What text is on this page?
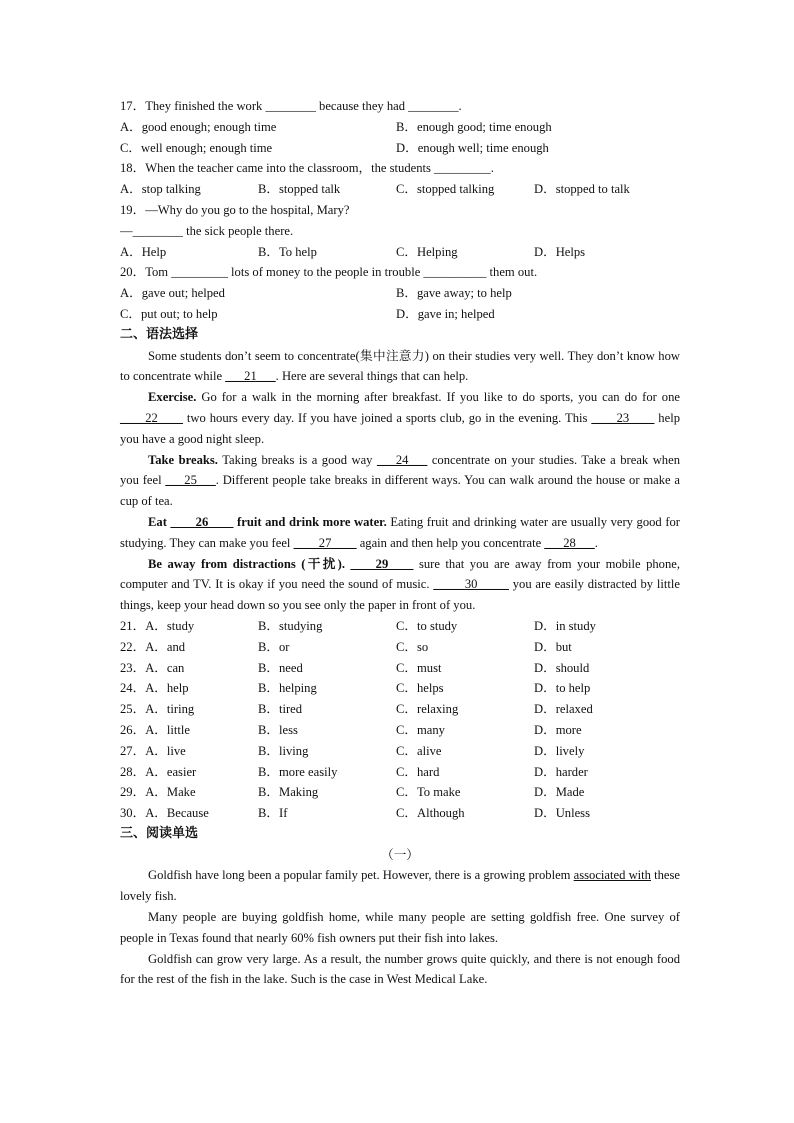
17．They finished the work ________ because they had ________.
A．good enough; enough time	B．enough good; time enough
C．well enough; enough time	D．enough well; time enough
18．When the teacher came into the classroom，the students _________.
A．stop talking	B．stopped talk	C．stopped talking	D．stopped to talk
19．—Why do you go to the hospital, Mary?
—________ the sick people there.
A．Help	B．To help	C．Helping	D．Helps
20．Tom _________ lots of money to the people in trouble __________ them out.
A．gave out; helped	B．gave away; to help
C．put out; to help	D．gave in; helped
二、语法选择
Some students don’t seem to concentrate(集中注意力) on their studies very well. They don’t know how to concentrate while ___21___. Here are several things that can help.
Exercise. Go for a walk in the morning after breakfast. If you like to do sports, you can do for one ____22____ two hours every day. If you have joined a sports club, go in the evening. This ____23____ help you have a good night sleep.
Take breaks. Taking breaks is a good way ___24___ concentrate on your studies. Take a break when you feel ___25___. Different people take breaks in different ways. You can walk around the house or make a cup of tea.
Eat ____26____ fruit and drink more water. Eating fruit and drinking water are usually very good for studying. They can make you feel ____27____ again and then help you concentrate ___28___.
Be away from distractions (干扰). ____29____ sure that you are away from your mobile phone, computer and TV. It is okay if you need the sound of music. _____30_____ you are easily distracted by little things, keep your head down so you see only the paper in front of you.
21．A．study	B．studying	C．to study	D．in study
22．A．and	B．or	C．so	D．but
23．A．can	B．need	C．must	D．should
24．A．help	B．helping	C．helps	D．to help
25．A．tiring	B．tired	C．relaxing	D．relaxed
26．A．little	B．less	C．many	D．more
27．A．live	B．living	C．alive	D．lively
28．A．easier	B．more easily	C．hard	D．harder
29．A．Make	B．Making	C．To make	D．Made
30．A．Because	B．If	C．Although	D．Unless
三、阅读单选
（一）
Goldfish have long been a popular family pet. However, there is a growing problem associated with these lovely fish.
Many people are buying goldfish home, while many people are setting goldfish free. One survey of people in Texas found that nearly 60% fish owners put their fish into lakes.
Goldfish can grow very large. As a result, the number grows quite quickly, and there is not enough food for the rest of the fish in the lake. Such is the case in West Medical Lake.
